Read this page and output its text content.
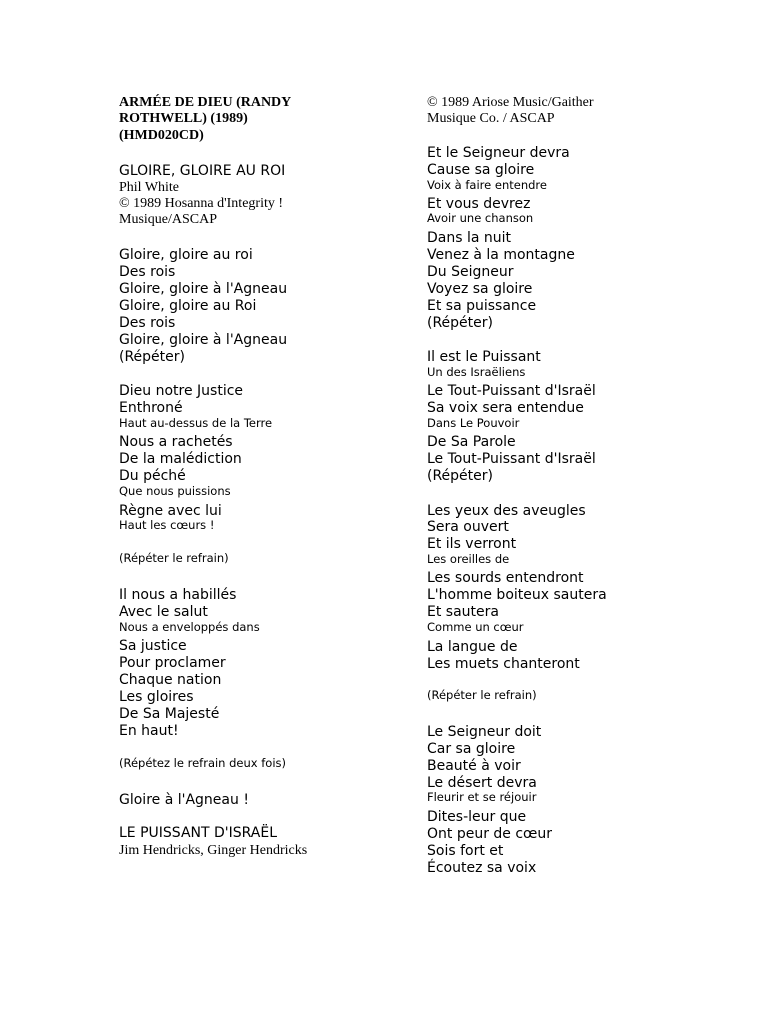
ARMÉE DE DIEU (RANDY
ROTHWELL) (1989)
(HMD020CD)
GLOIRE, GLOIRE AU ROI
Phil White
© 1989 Hosanna d'Integrity !
Musique/ASCAP
Gloire, gloire au roi
Des rois
Gloire, gloire à l'Agneau
Gloire, gloire au Roi
Des rois
Gloire, gloire à l'Agneau
(Répéter)
Dieu notre Justice
Enthroné
Haut au-dessus de la Terre
Nous a rachetés
De la malédiction
Du péché
Que nous puissions
Règne avec lui
Haut les cœurs !
(Répéter le refrain)
Il nous a habillés
Avec le salut
Nous a enveloppés dans
Sa justice
Pour proclamer
Chaque nation
Les gloires
De Sa Majesté
En haut!
(Répétez le refrain deux fois)
Gloire à l'Agneau !
LE PUISSANT D'ISRAËL
Jim Hendricks, Ginger Hendricks
© 1989 Ariose Music/Gaither
Musique Co. / ASCAP
Et le Seigneur devra
Cause sa gloire
Voix à faire entendre
Et vous devrez
Avoir une chanson
Dans la nuit
Venez à la montagne
Du Seigneur
Voyez sa gloire
Et sa puissance
(Répéter)
Il est le Puissant
Un des Israëliens
Le Tout-Puissant d'Israël
Sa voix sera entendue
Dans Le Pouvoir
De Sa Parole
Le Tout-Puissant d'Israël
(Répéter)
Les yeux des aveugles
Sera ouvert
Et ils verront
Les oreilles de
Les sourds entendront
L'homme boiteux sautera
Et sautera
Comme un cœur
La langue de
Les muets chanteront
(Répéter le refrain)
Le Seigneur doit
Car sa gloire
Beauté à voir
Le désert devra
Fleurir et se réjouir
Dites-leur que
Ont peur de cœur
Sois fort et
Écoutez sa voix
